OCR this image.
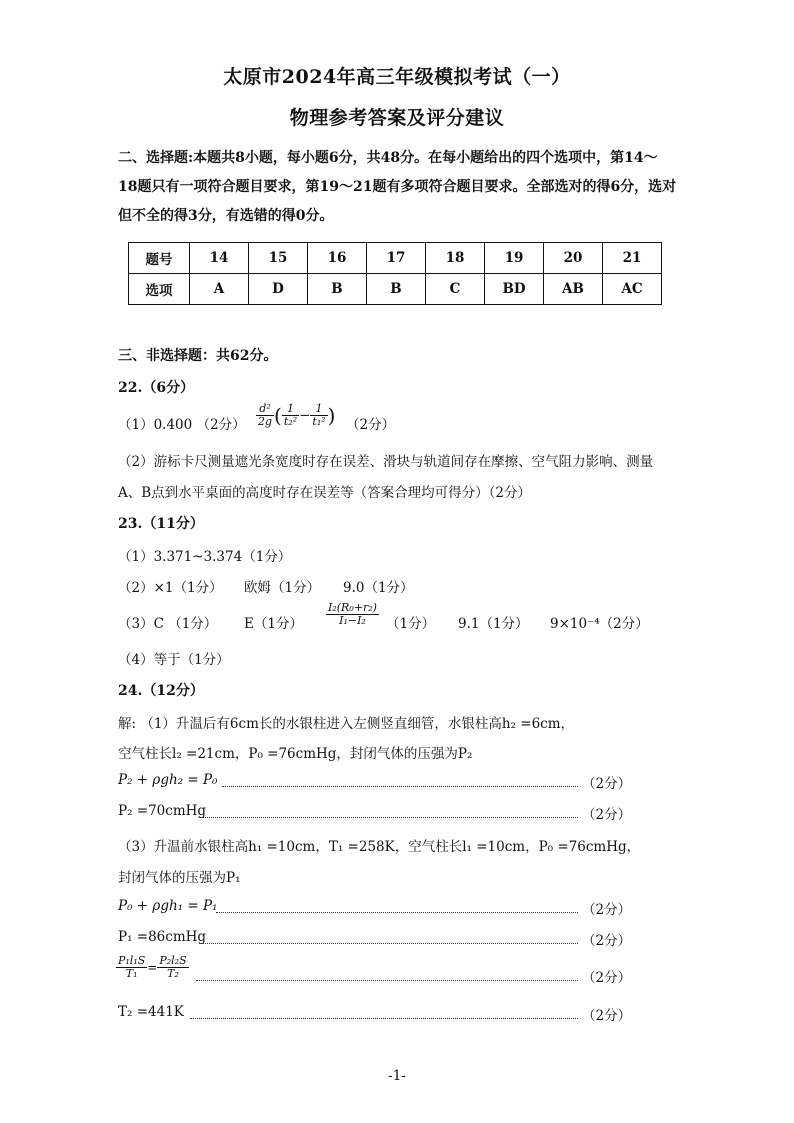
太原市2024年高三年级模拟考试（一）
物理参考答案及评分建议
二、选择题:本题共8小题，每小题6分，共48分。在每小题给出的四个选项中，第14～
18题只有一项符合题目要求，第19～21题有多项符合题目要求。全部选对的得6分，选对
但不全的得3分，有选错的得0分。
题号	14	15	16	17	18	19	20	21
选项	A	D	B	B	C	BD	AB	AC
三、非选择题：共62分。
22.（6分）
（1）0.400 （2分） $\frac{\text{d²}}{2g}$ ( $\frac{1}{\text{t₂²}} - \frac{1}{\text{t₁²}}$ ) （2分）
（2）游标卡尺测量遮光条宽度时存在误差、滑块与轨道间存在摩擦、空气阻力影响、测量
A、B点到水平桌面的高度时存在误差等（答案合理均可得分）（2分）
23.（11分）
（1）3.371~3.374（1分）
（2）×1（1分） 欧姆（1分） 9.0（1分）
（3）C （1分） E（1分） $\frac{\text{I₂(R₀+r₂)}}{\text{I₁−I₂}} (1$分） 9.1（1分） 9×10⁻⁴（2分）
（4）等于（1分）
24.（12分）
解: （1）升温后有6cm长的水银柱进入左侧竖直细管，水银柱高h₂ =6cm，
空气柱长l₂ =21cm，P₀ =76cmHg，封闭气体的压强为P₂
P₂ + ρgh₂ = P₀	（2分）
P₂ =70cmHg	（2分）
（3）升温前水银柱高h₁ =10cm，T₁ =258K，空气柱长l₁ =10cm，P₀ =76cmHg，
封闭气体的压强为P₁
P₀ + ρgh₁ = P₁	（2分）
P₁ =86cmHg	（2分）
$\frac{\text{P₁l₁S}}{\text{T₁}} = \frac{\text{P₂l₂S}}{\text{T₂}}$	（2分）
T₂ =441K	（2分）
-1-
